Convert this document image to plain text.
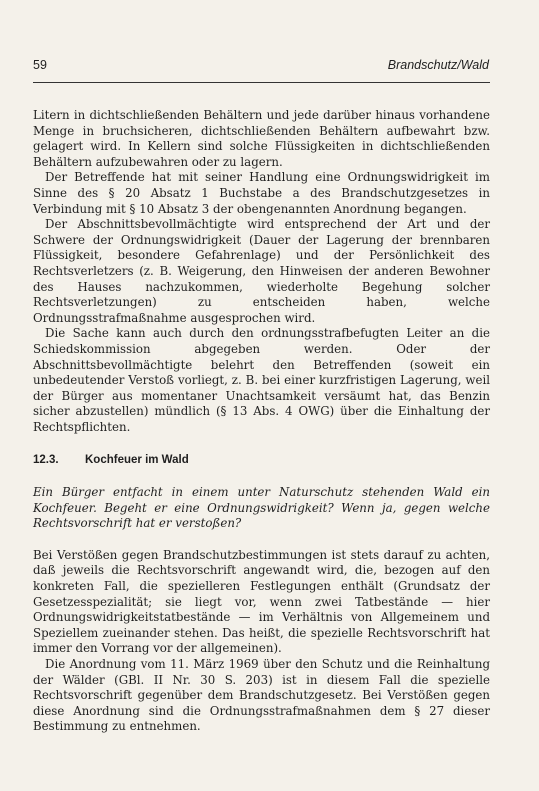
59	Brandschutz/Wald

Litern in dichtschließenden Behältern und jede darüber hinaus vorhandene Menge in bruchsicheren, dichtschließenden Behältern aufbewahrt bzw. gelagert wird. In Kellern sind solche Flüssigkeiten in dichtschließenden Behältern aufzubewahren oder zu lagern.

Der Betreffende hat mit seiner Handlung eine Ordnungswidrigkeit im Sinne des § 20 Absatz 1 Buchstabe a des Brandschutzgesetzes in Verbindung mit § 10 Absatz 3 der obengenannten Anordnung begangen.

Der Abschnittsbevollmächtigte wird entsprechend der Art und der Schwere der Ordnungswidrigkeit (Dauer der Lagerung der brennbaren Flüssigkeit, besondere Gefahrenlage) und der Persönlichkeit des Rechtsverletzers (z. B. Weigerung, den Hinweisen der anderen Bewohner des Hauses nachzukommen, wiederholte Begehung solcher Rechtsverletzungen) zu entscheiden haben, welche Ordnungsstrafmaßnahme ausgesprochen wird.

Die Sache kann auch durch den ordnungsstrafbefugten Leiter an die Schiedskommission abgegeben werden. Oder der Abschnittsbevollmächtigte belehrt den Betreffenden (soweit ein unbedeutender Verstoß vorliegt, z. B. bei einer kurzfristigen Lagerung, weil der Bürger aus momentaner Unachtsamkeit versäumt hat, das Benzin sicher abzustellen) mündlich (§ 13 Abs. 4 OWG) über die Einhaltung der Rechtspflichten.

12.3.	Kochfeuer im Wald

Ein Bürger entfacht in einem unter Naturschutz stehenden Wald ein Kochfeuer. Begeht er eine Ordnungswidrigkeit? Wenn ja, gegen welche Rechtsvorschrift hat er verstoßen?

Bei Verstößen gegen Brandschutzbestimmungen ist stets darauf zu achten, daß jeweils die Rechtsvorschrift angewandt wird, die, bezogen auf den konkreten Fall, die spezielleren Festlegungen enthält (Grundsatz der Gesetzesspezialität; sie liegt vor, wenn zwei Tatbestände — hier Ordnungswidrigkeitstatbestände — im Verhältnis von Allgemeinem und Speziellem zueinander stehen. Das heißt, die spezielle Rechtsvorschrift hat immer den Vorrang vor der allgemeinen).

Die Anordnung vom 11. März 1969 über den Schutz und die Reinhaltung der Wälder (GBl. II Nr. 30 S. 203) ist in diesem Fall die spezielle Rechtsvorschrift gegenüber dem Brandschutzgesetz. Bei Verstößen gegen diese Anordnung sind die Ordnungsstrafmaßnahmen dem § 27 dieser Bestimmung zu entnehmen.
